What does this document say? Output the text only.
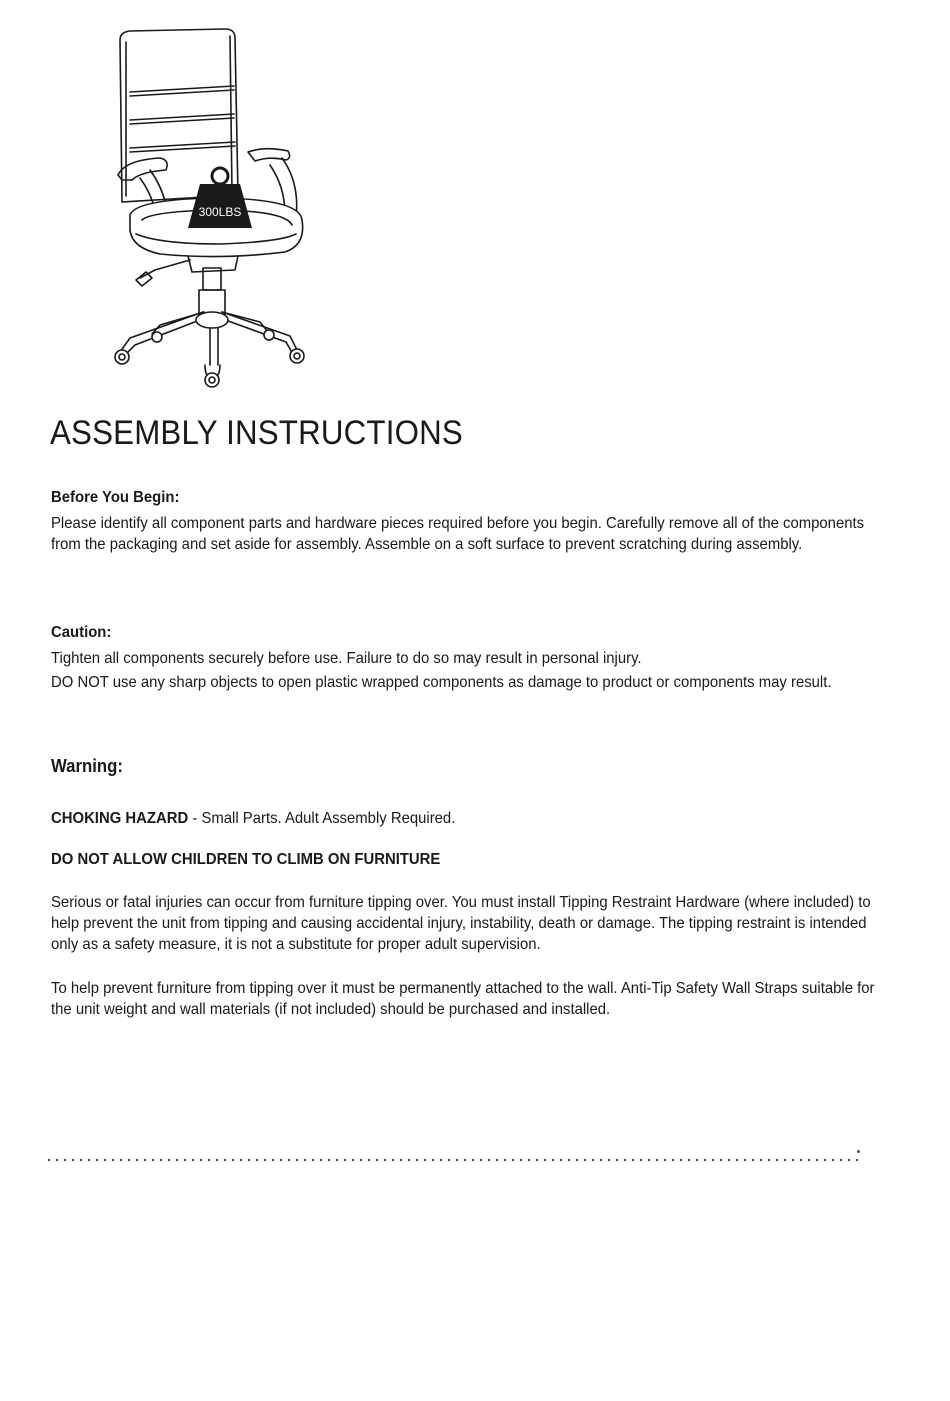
300LBS
ASSEMBLY INSTRUCTIONS

Before You Begin:

Please identify all component parts and hardware pieces required before you begin. Carefully remove all of the components from the packaging and set aside for assembly. Assemble on a soft surface to prevent scratching during assembly.

Caution:

Tighten all components securely before use. Failure to do so may result in personal injury.

DO NOT use any sharp objects to open plastic wrapped components as damage to product or components may result.

Warning:

CHOKING HAZARD - Small Parts. Adult Assembly Required.

DO NOT ALLOW CHILDREN TO CLIMB ON FURNITURE

Serious or fatal injuries can occur from furniture tipping over. You must install Tipping Restraint Hardware (where included) to help prevent the unit from tipping and causing accidental injury, instability, death or damage. The tipping restraint is intended only as a safety measure, it is not a substitute for proper adult supervision.

To help prevent furniture from tipping over it must be permanently attached to the wall. Anti-Tip Safety Wall Straps suitable for the unit weight and wall materials (if not included) should be purchased and installed.
